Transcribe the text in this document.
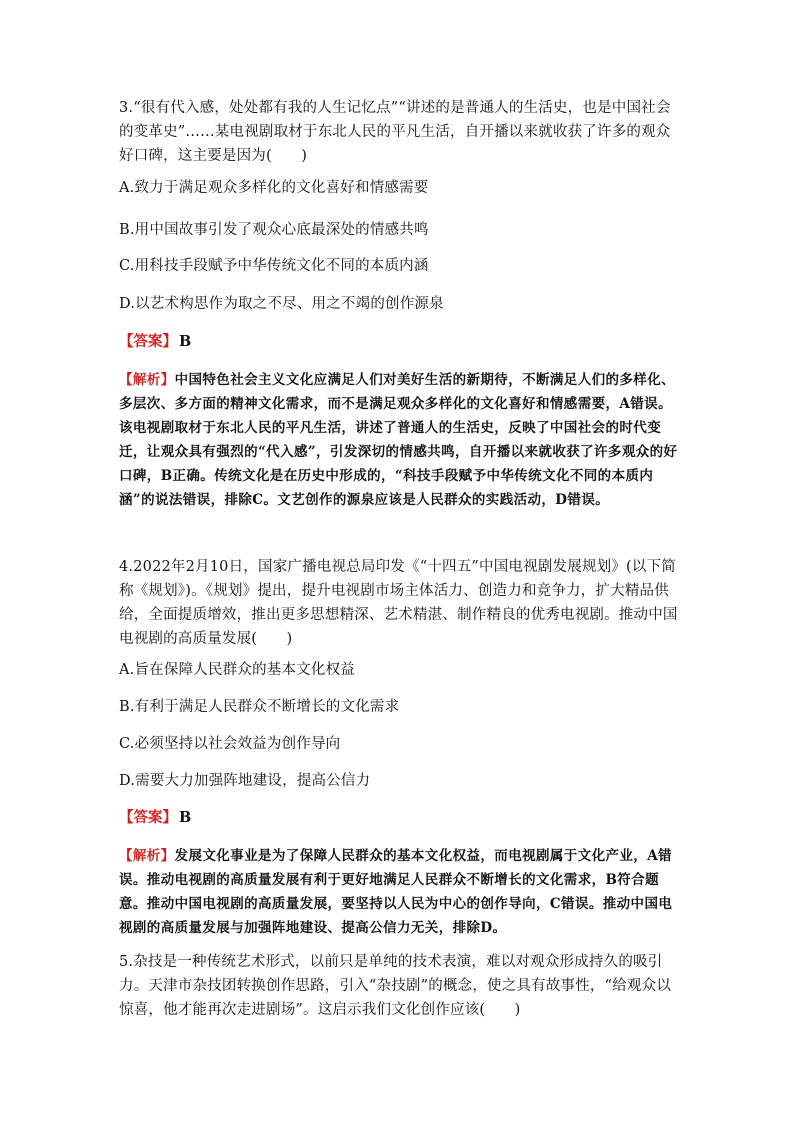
3.“很有代入感，处处都有我的人生记忆点”“讲述的是普通人的生活史，也是中国社会的变革史”……某电视剧取材于东北人民的平凡生活，自开播以来就收获了许多的观众好口碑，这主要是因为(　　)

A.致力于满足观众多样化的文化喜好和情感需要

B.用中国故事引发了观众心底最深处的情感共鸣

C.用科技手段赋予中华传统文化不同的本质内涵

D.以艺术构思作为取之不尽、用之不竭的创作源泉

【答案】 B

【解析】中国特色社会主义文化应满足人们对美好生活的新期待，不断满足人们的多样化、多层次、多方面的精神文化需求，而不是满足观众多样化的文化喜好和情感需要，A错误。该电视剧取材于东北人民的平凡生活，讲述了普通人的生活史，反映了中国社会的时代变迁，让观众具有强烈的“代入感”，引发深切的情感共鸣，自开播以来就收获了许多观众的好口碑，B正确。传统文化是在历史中形成的，“科技手段赋予中华传统文化不同的本质内涵”的说法错误，排除C。文艺创作的源泉应该是人民群众的实践活动，D错误。

4.2022年2月10日，国家广播电视总局印发《“十四五”中国电视剧发展规划》(以下简称《规划》)。《规划》提出，提升电视剧市场主体活力、创造力和竞争力，扩大精品供给，全面提质增效，推出更多思想精深、艺术精湛、制作精良的优秀电视剧。推动中国电视剧的高质量发展(　　)

A.旨在保障人民群众的基本文化权益

B.有利于满足人民群众不断增长的文化需求

C.必须坚持以社会效益为创作导向

D.需要大力加强阵地建设，提高公信力

【答案】 B

【解析】发展文化事业是为了保障人民群众的基本文化权益，而电视剧属于文化产业，A错误。推动电视剧的高质量发展有利于更好地满足人民群众不断增长的文化需求，B符合题意。推动中国电视剧的高质量发展，要坚持以人民为中心的创作导向，C错误。推动中国电视剧的高质量发展与加强阵地建设、提高公信力无关，排除D。

5.杂技是一种传统艺术形式，以前只是单纯的技术表演，难以对观众形成持久的吸引力。天津市杂技团转换创作思路，引入“杂技剧”的概念，使之具有故事性，“给观众以惊喜，他才能再次走进剧场”。这启示我们文化创作应该(　　)
